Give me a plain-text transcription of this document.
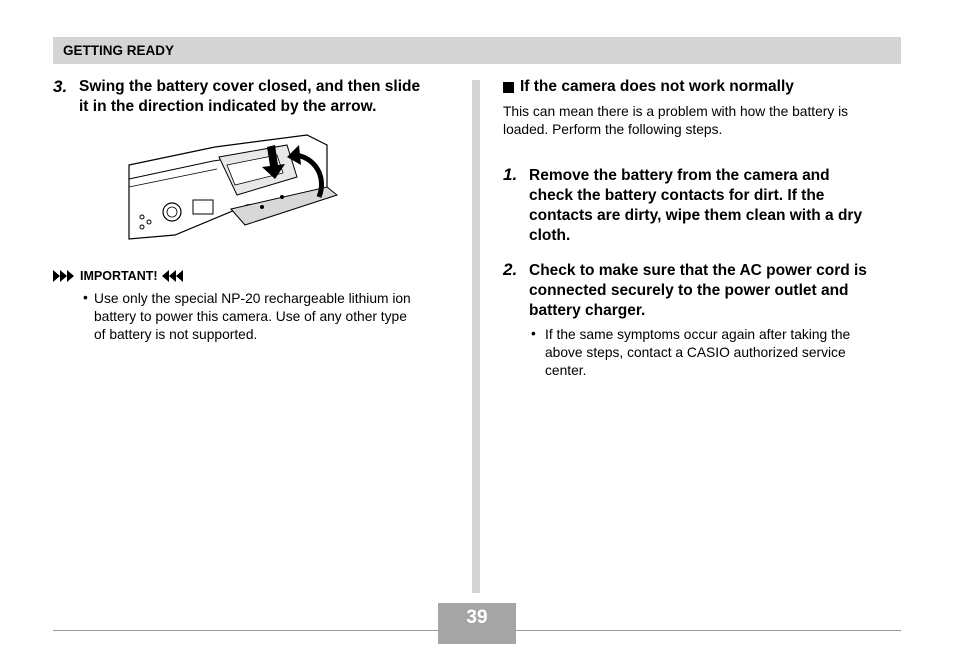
GETTING READY
3. Swing the battery cover closed, and then slide
it in the direction indicated by the arrow.
IMPORTANT!
• Use only the special NP-20 rechargeable lithium ion
battery to power this camera. Use of any other type
of battery is not supported.
If the camera does not work normally
This can mean there is a problem with how the battery is
loaded. Perform the following steps.
1. Remove the battery from the camera and
check the battery contacts for dirt. If the
contacts are dirty, wipe them clean with a dry
cloth.
2. Check to make sure that the AC power cord is
connected securely to the power outlet and
battery charger.
• If the same symptoms occur again after taking the
above steps, contact a CASIO authorized service
center.
39
